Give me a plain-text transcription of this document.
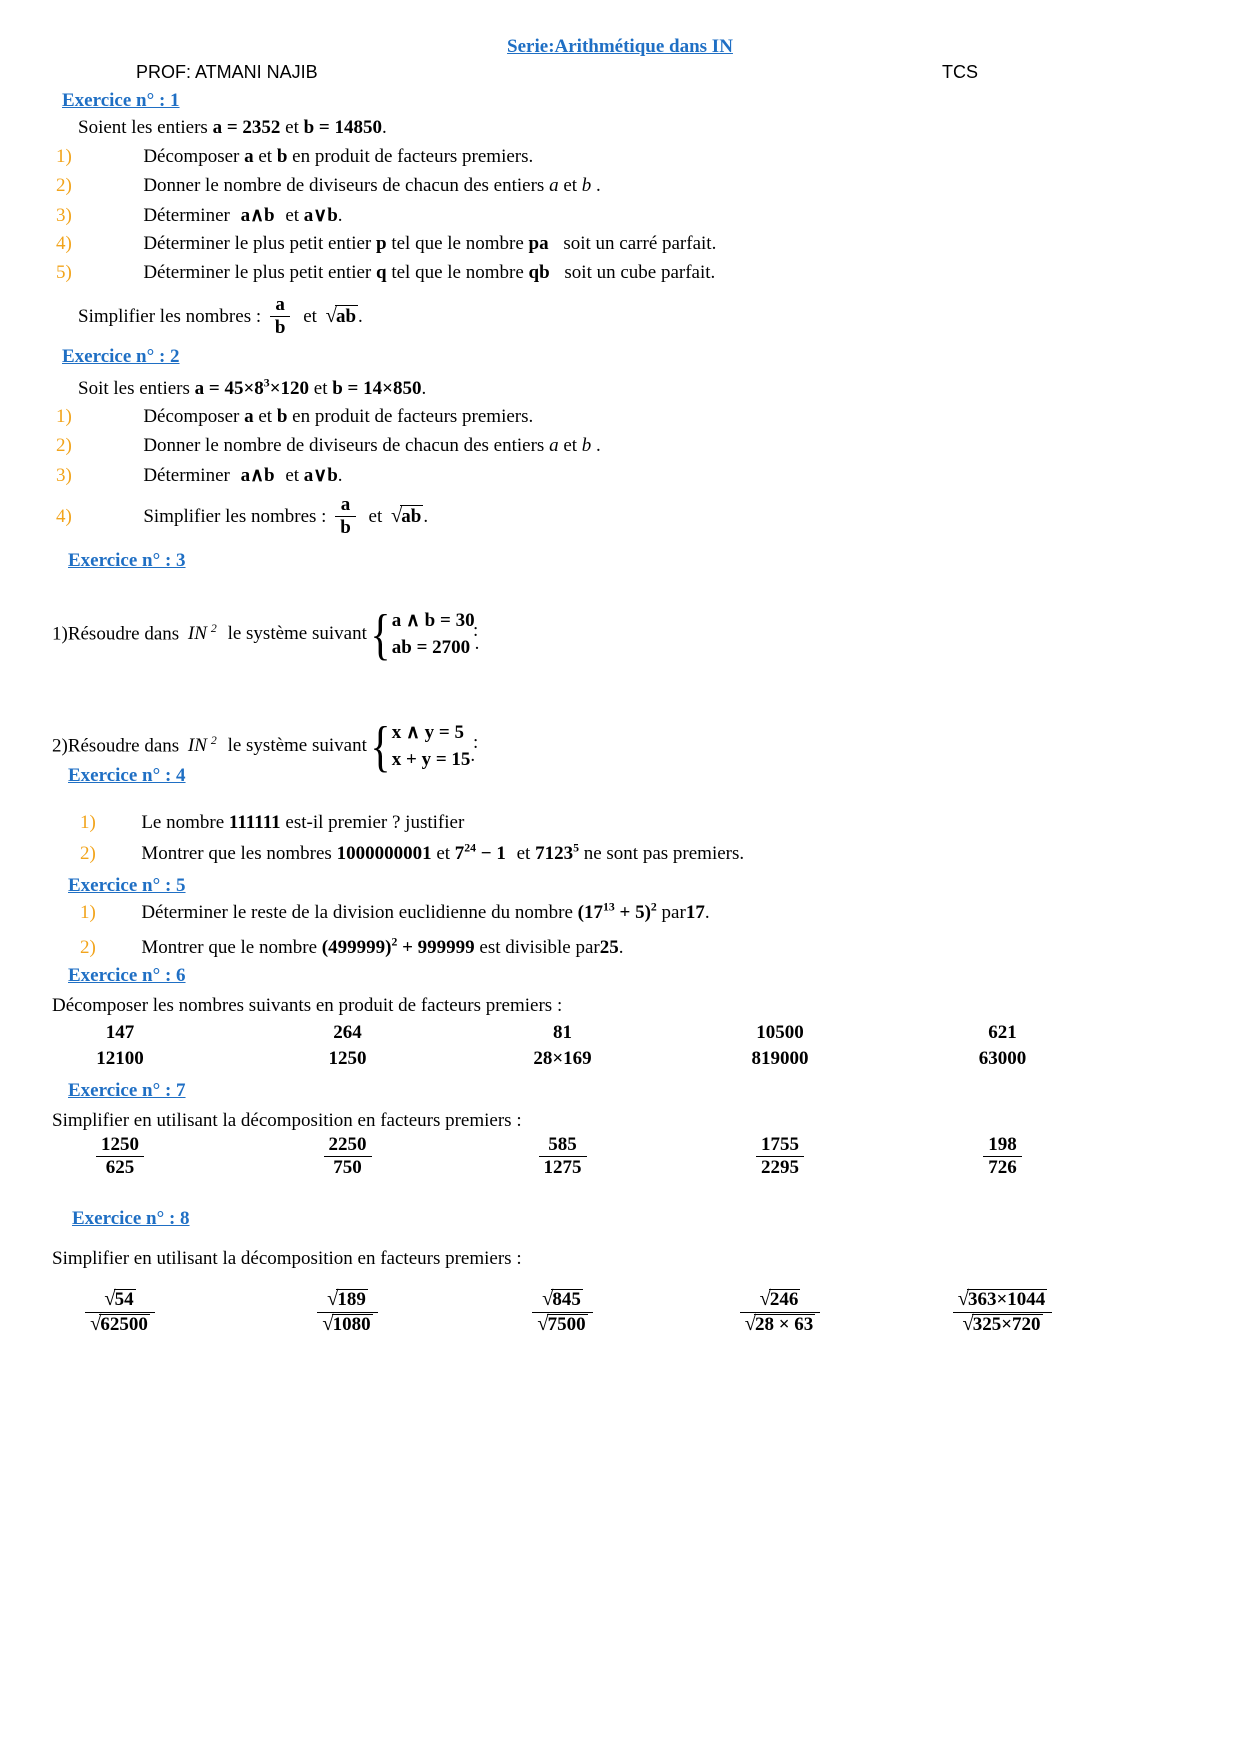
Serie:Arithmétique dans IN
PROF: ATMANI NAJIB	TCS
Exercice n° : 1
Soient les entiers a = 2352 et b = 14850.
1)	Décomposer a et b en produit de facteurs premiers.
2)	Donner le nombre de diviseurs de chacun des entiers a et b .
3)	Déterminer a∧b et a∨b.
4)	Déterminer le plus petit entier p tel que le nombre pa soit un carré parfait.
5)	Déterminer le plus petit entier q tel que le nombre qb soit un cube parfait.
Simplifier les nombres : $\frac{a}{b}$ et √ab .
Exercice n° : 2
Soit les entiers $a = 45\times 8^3\times 120$ et b = 14×850.
1)	Décomposer a et b en produit de facteurs premiers.
2)	Donner le nombre de diviseurs de chacun des entiers a et b .
3)	Déterminer a∧b et a∨b.
4)	Simplifier les nombres : $\frac{a}{b}$ et √ab .
Exercice n° : 3
1)Résoudre dans IN $^2$ le système suivant { a ∧ b = 30
ab = 2700 .
:
2)Résoudre dans IN $^2$ le système suivant { x ∧ y = 5
x + y = 15 .
:
Exercice n° : 4
1) Le nombre 111111 est-il premier ? justifier
2) Montrer que les nombres 1000000001 et $7^{24} - 1$ et 7123$^5$ ne sont pas premiers.
Exercice n° : 5
1) Déterminer le reste de la division euclidienne du nombre $(17^{13} + 5)^2$ par17.
2) Montrer que le nombre $(499999)^2 + 999999$ est divisible par25.
Exercice n° : 6
Décomposer les nombres suivants en produit de facteurs premiers :
147	264	81	10500	621
12100	1250	28×169	819000	63000
Exercice n° : 7
Simplifier en utilisant la décomposition en facteurs premiers :
$\frac{1250}{625}$	$\frac{2250}{750}$	$\frac{585}{1275}$	$\frac{1755}{2295}$	$\frac{198}{726}$
Exercice n° : 8
Simplifier en utilisant la décomposition en facteurs premiers :
$\frac{√54}{√62500}$	$\frac{√189}{√1080}$	$\frac{√845}{√7500}$	$\frac{√246}{√28 \times 63}$	$\frac{√363\times 1044}{√325\times 720}$
